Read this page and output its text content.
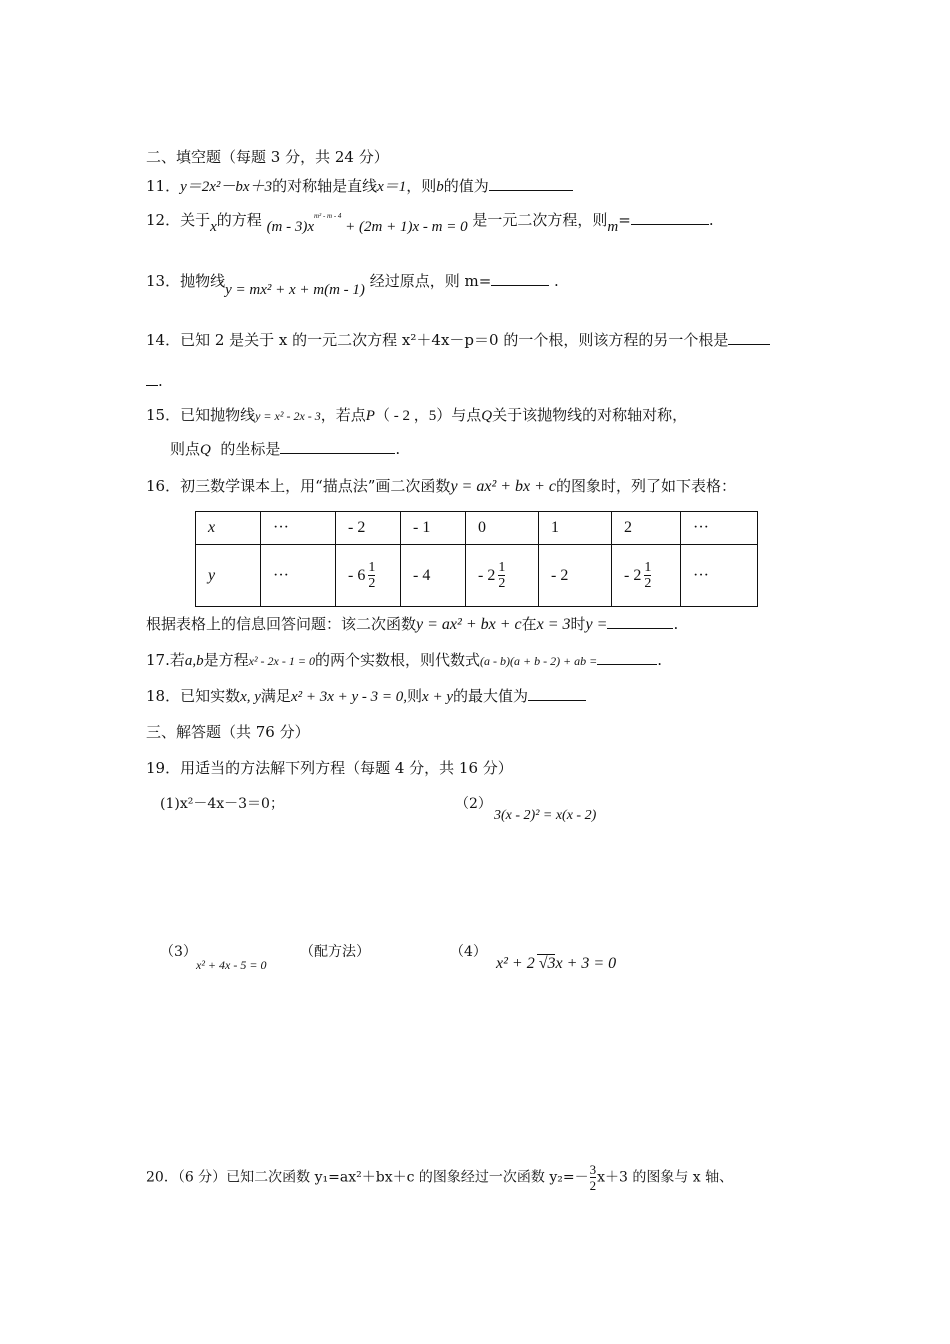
二、填空题（每题 3 分，共 24 分）
11．y＝2x²－bx＋3的对称轴是直线x＝1，则b的值为
12．关于x的方程 $(m - 3)x^{m^2 - m - 4} + (2m + 1)x - m = 0$ 是一元二次方程，则m=	.
13．抛物线y = mx² + x + m(m - 1) 经过原点，则 m=	.
14．已知 2 是关于 x 的一元二次方程 x²＋4x－p＝0 的一个根，则该方程的另一个根是
.
15．已知抛物线y = x² - 2x - 3，若点P（ - 2 ，5）与点Q关于该抛物线的对称轴对称，
则点Q 的坐标是	.
16．初三数学课本上，用“描点法”画二次函数y = ax² + bx + c的图象时，列了如下表格：
x	···	- 2	- 1	0	1	2	···
y	···	- $6 \frac{1}{2}$	- 4	- $2 \frac{1}{2}$	- 2	- $2 \frac{1}{2}$	···
根据表格上的信息回答问题：该二次函数y = ax² + bx + c在x = 3时y =	.
17.若a,b是方程x² - 2x - 1 = 0的两个实数根，则代数式(a - b)(a + b - 2) + ab =	.
18．已知实数x, y满足x² + 3x + y - 3 = 0,则x + y的最大值为
三、解答题（共 76 分）
19．用适当的方法解下列方程（每题 4 分，共 16 分）
(1)x²－4x－3＝0；	（2）
3(x - 2)² = x(x - 2)
（3）
x² + 4x - 5 = 0
（配方法）	（4）
x² + 2 √3x + 3 = 0
20．（6 分）已知二次函数 y₁=ax²＋bx＋c 的图象经过一次函数 $y_2=- \frac{3}{2} x+3$ 的图象与 x 轴、
